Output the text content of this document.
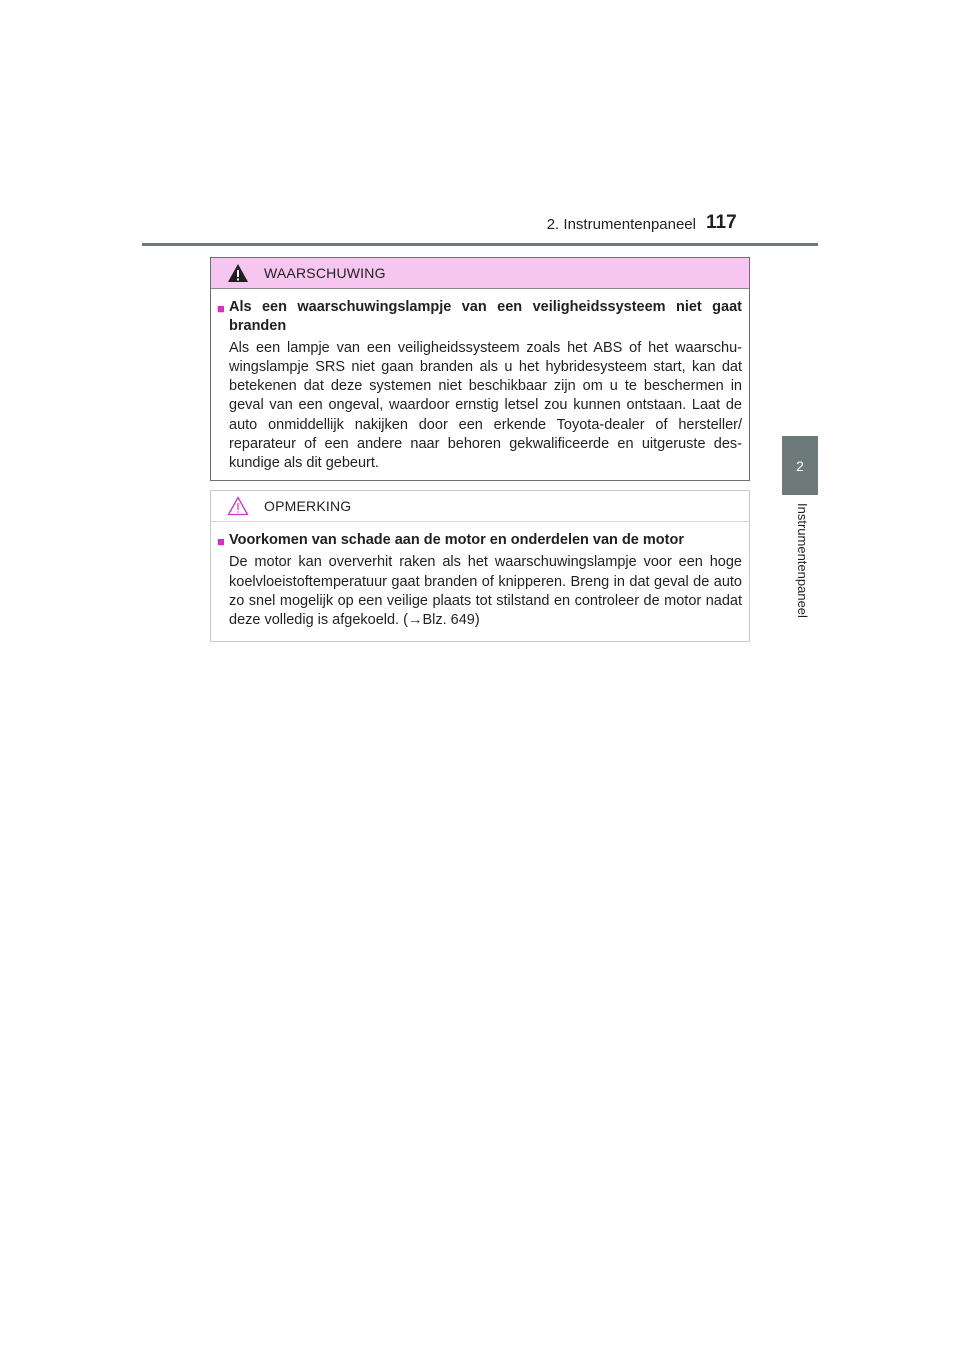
2. Instrumentenpaneel 117
2
Instrumentenpaneel
WAARSCHUWING
■ Als een waarschuwingslampje van een veiligheidssysteem niet gaat branden
Als een lampje van een veiligheidssysteem zoals het ABS of het waarschu-wingslampje SRS niet gaan branden als u het hybridesysteem start, kan dat betekenen dat deze systemen niet beschikbaar zijn om u te beschermen in geval van een ongeval, waardoor ernstig letsel zou kunnen ontstaan. Laat de auto onmiddellijk nakijken door een erkende Toyota-dealer of hersteller/ reparateur of een andere naar behoren gekwalificeerde en uitgeruste des-kundige als dit gebeurt.
OPMERKING
■ Voorkomen van schade aan de motor en onderdelen van de motor
De motor kan oververhit raken als het waarschuwingslampje voor een hoge koelvloeistoftemperatuur gaat branden of knipperen. Breng in dat geval de auto zo snel mogelijk op een veilige plaats tot stilstand en controleer de motor nadat deze volledig is afgekoeld. (→Blz. 649)
